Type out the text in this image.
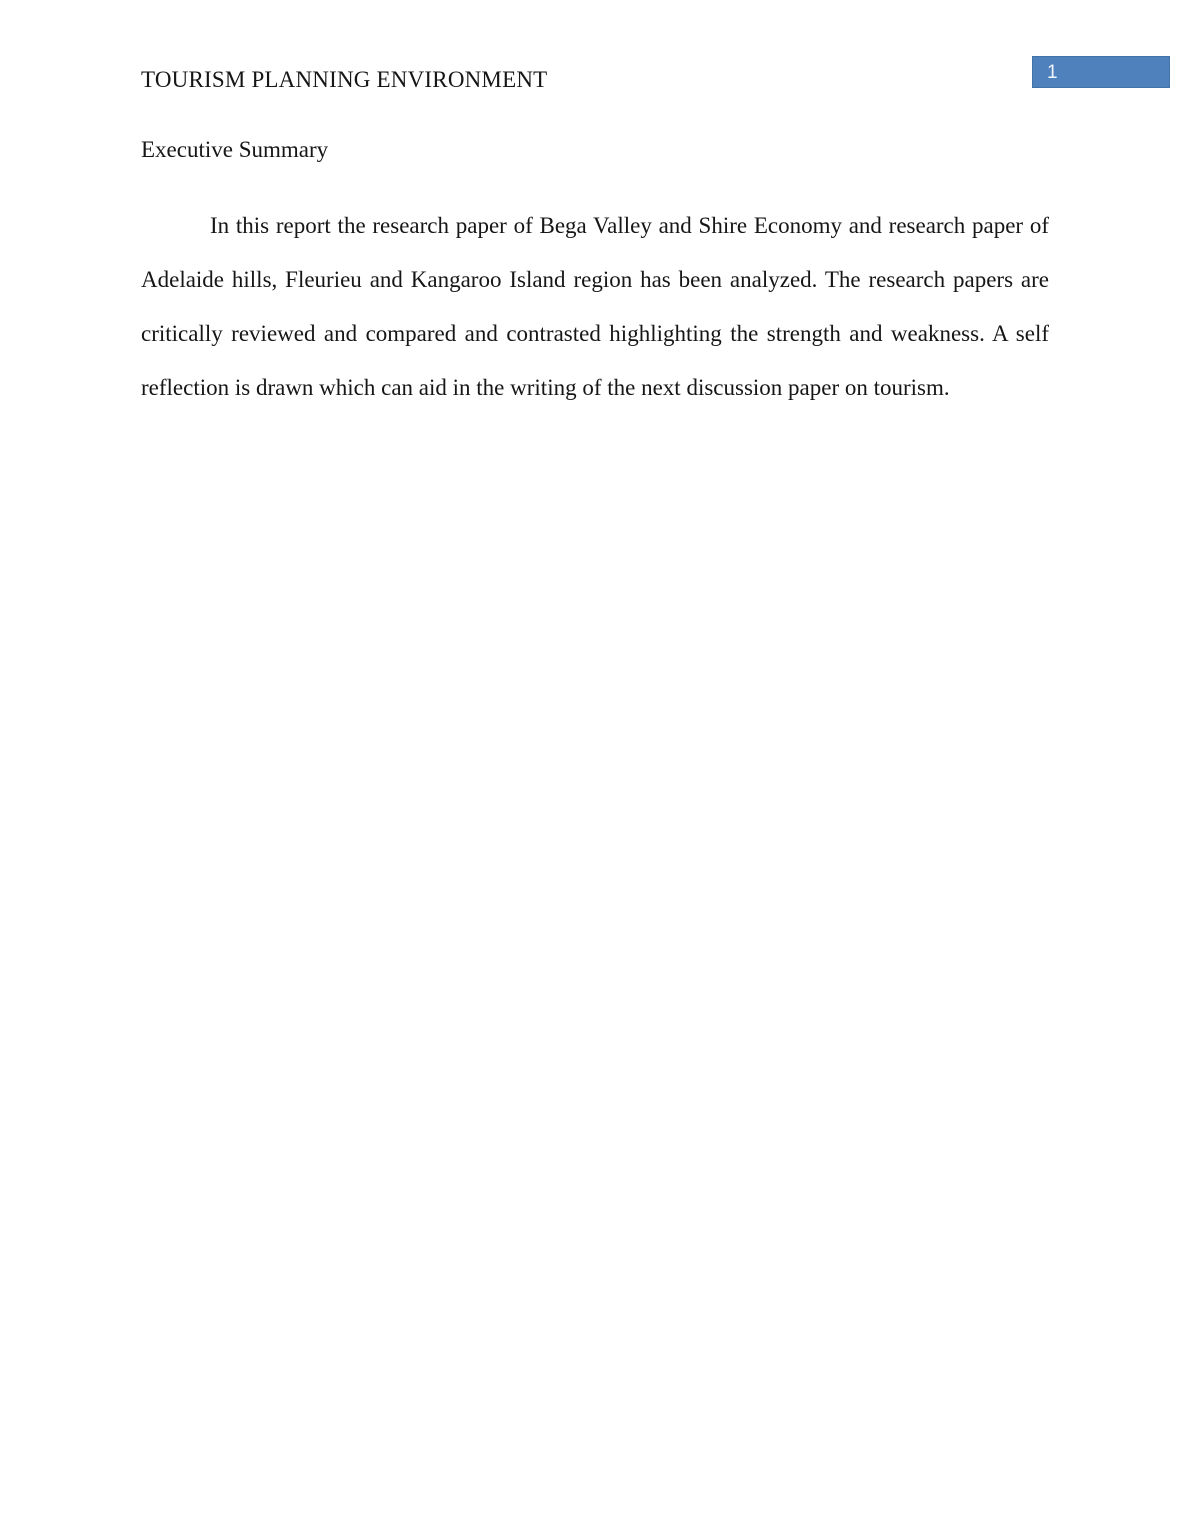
TOURISM PLANNING ENVIRONMENT	1
Executive Summary
In this report the research paper of Bega Valley and Shire Economy and research paper of
Adelaide hills, Fleurieu and Kangaroo Island region has been analyzed. The research papers are
critically reviewed and compared and contrasted highlighting the strength and weakness. A self
reflection is drawn which can aid in the writing of the next discussion paper on tourism.
